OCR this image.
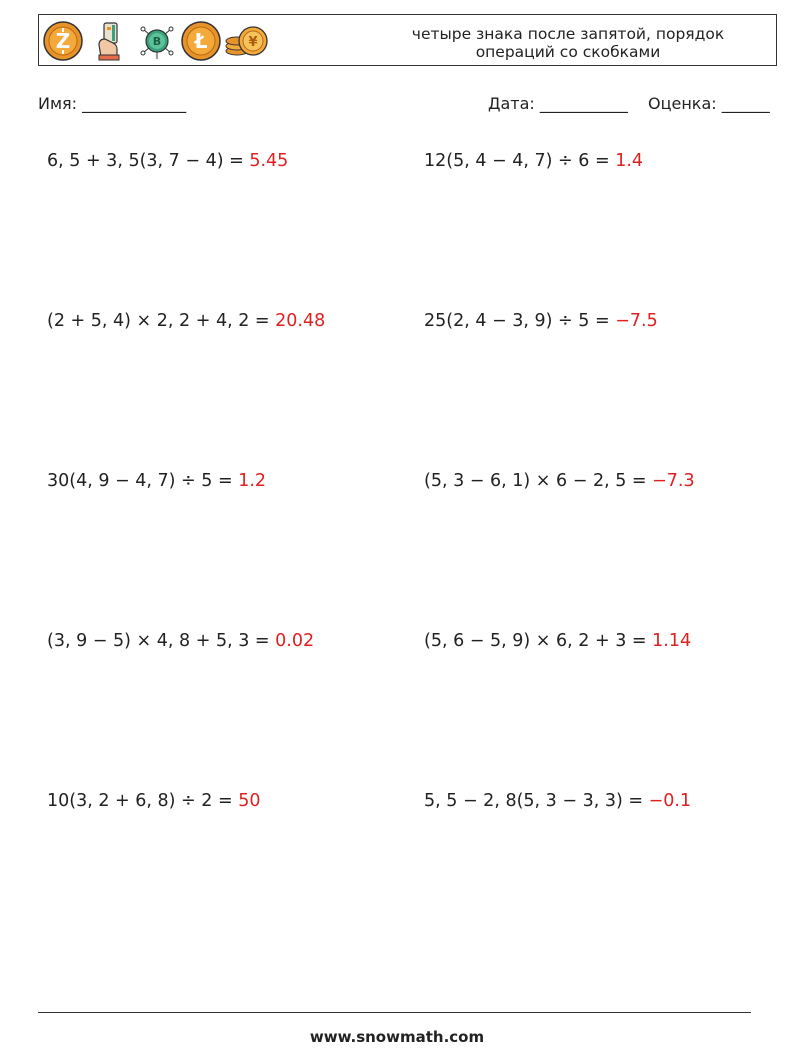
Z	B Ł	¥	четыре знака после запятой, порядок
операций со скобками
Имя: _____________	Дата: ___________ Оценка: ______
6, 5 + 3, 5(3, 7 − 4) = 5.45	12(5, 4 − 4, 7) ÷ 6 = 1.4
(2 + 5, 4) × 2, 2 + 4, 2 = 20.48	25(2, 4 − 3, 9) ÷ 5 = −7.5
30(4, 9 − 4, 7) ÷ 5 = 1.2	(5, 3 − 6, 1) × 6 − 2, 5 = −7.3
(3, 9 − 5) × 4, 8 + 5, 3 = 0.02	(5, 6 − 5, 9) × 6, 2 + 3 = 1.14
10(3, 2 + 6, 8) ÷ 2 = 50	5, 5 − 2, 8(5, 3 − 3, 3) = −0.1
www.snowmath.com
